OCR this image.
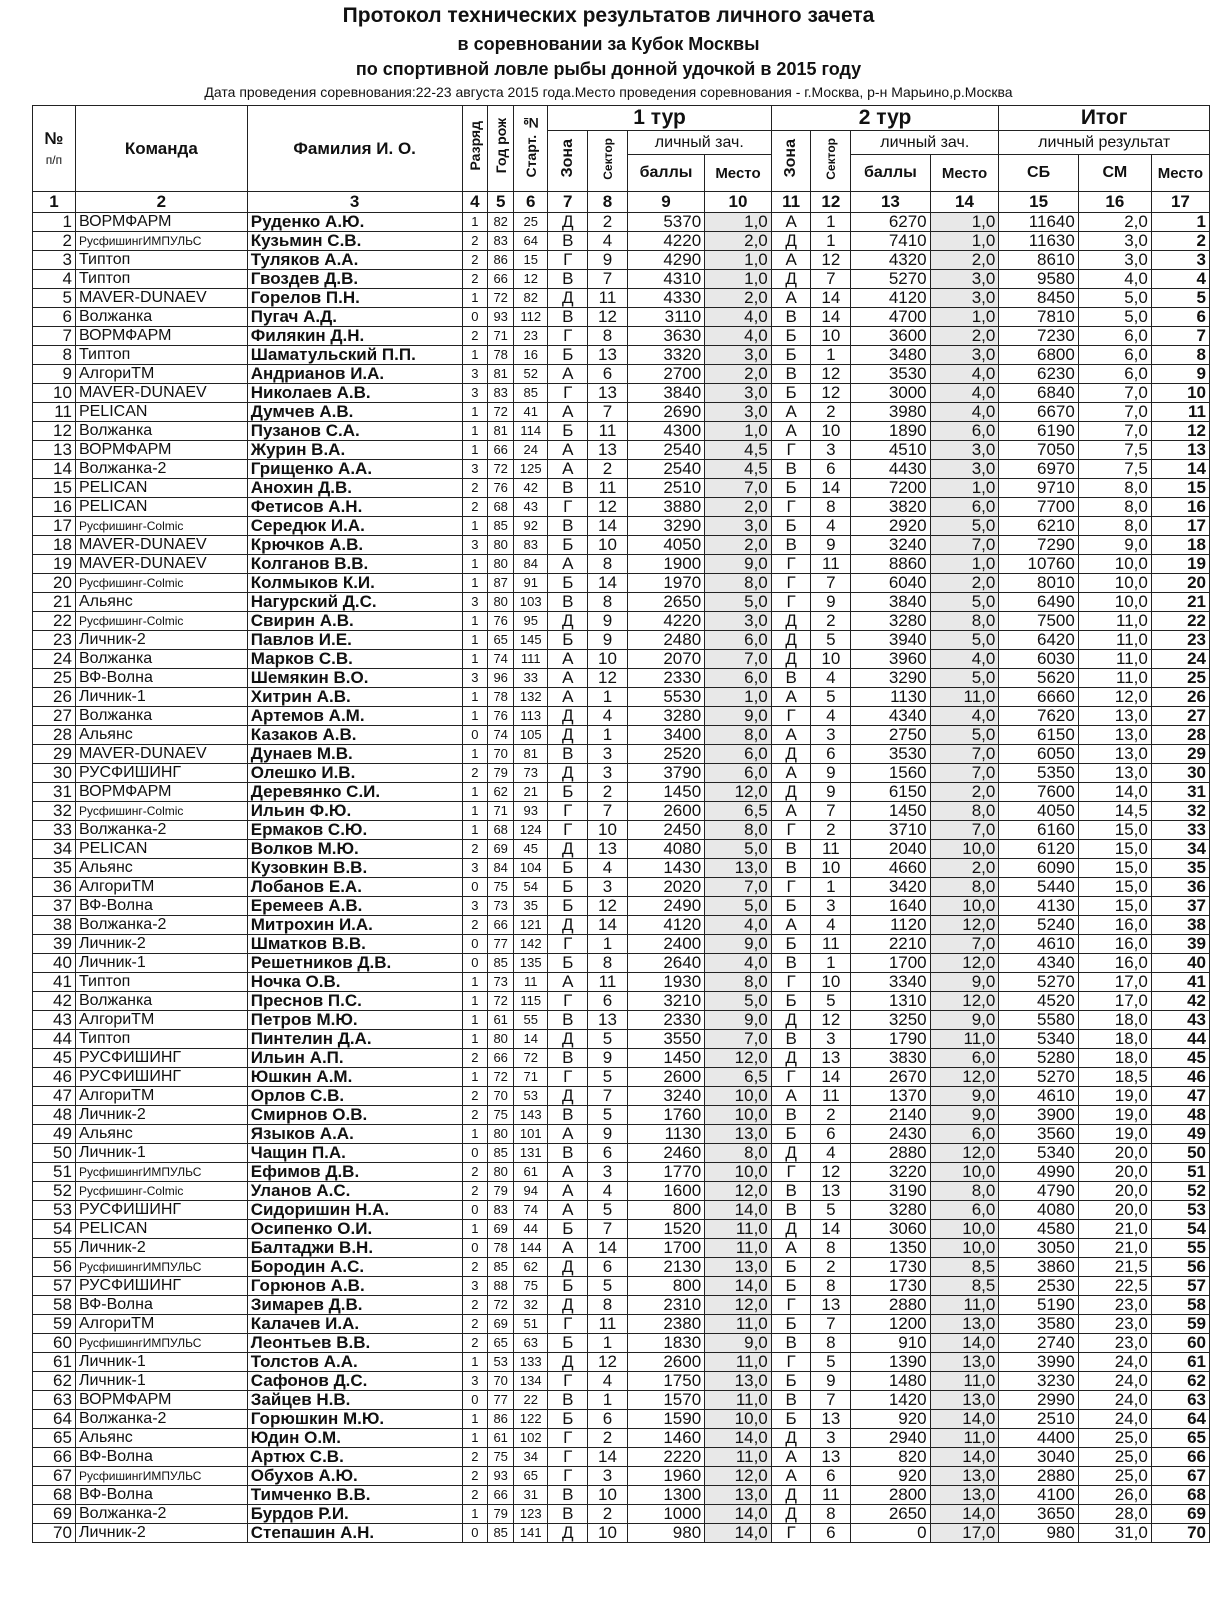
Протокол технических результатов личного зачета
в соревновании за Кубок Москвы
по спортивной ловле рыбы донной удочкой в 2015 году
Дата проведения соревнования:22-23 августа 2015 года.Место проведения соревнования - г.Москва, р-н Марьино,р.Москва
№
п/п	Команда	Фамилия И. О.	Разряд	Год рож	Старт. №	1 тур				2 тур				Итог		
						Зона	Сектор	личный зач.		Зона	Сектор	личный зач.		личный результат		
								баллы	Место			баллы	Место	СБ	СМ	Место
1	2	3	4	5	6	7	8	9	10	11	12	13	14	15	16	17
1	ВОРМФАРМ	Руденко А.Ю.	1	82	25	Д	2	5370	1,0	А	1	6270	1,0	11640	2,0	1
2	РусфишингИМПУЛЬС	Кузьмин С.В.	2	83	64	В	4	4220	2,0	Д	1	7410	1,0	11630	3,0	2
3	Типтоп	Туляков А.А.	2	86	15	Г	9	4290	1,0	А	12	4320	2,0	8610	3,0	3
4	Типтоп	Гвоздев Д.В.	2	66	12	В	7	4310	1,0	Д	7	5270	3,0	9580	4,0	4
5	MAVER-DUNAEV	Горелов П.Н.	1	72	82	Д	11	4330	2,0	А	14	4120	3,0	8450	5,0	5
6	Волжанка	Пугач А.Д.	0	93	112	В	12	3110	4,0	В	14	4700	1,0	7810	5,0	6
7	ВОРМФАРМ	Филякин Д.Н.	2	71	23	Г	8	3630	4,0	Б	10	3600	2,0	7230	6,0	7
8	Типтоп	Шаматульский П.П.	1	78	16	Б	13	3320	3,0	Б	1	3480	3,0	6800	6,0	8
9	АлгориТМ	Андрианов И.А.	3	81	52	А	6	2700	2,0	В	12	3530	4,0	6230	6,0	9
10	MAVER-DUNAEV	Николаев А.В.	3	83	85	Г	13	3840	3,0	Б	12	3000	4,0	6840	7,0	10
11	PELICAN	Думчев А.В.	1	72	41	А	7	2690	3,0	А	2	3980	4,0	6670	7,0	11
12	Волжанка	Пузанов С.А.	1	81	114	Б	11	4300	1,0	А	10	1890	6,0	6190	7,0	12
13	ВОРМФАРМ	Журин В.А.	1	66	24	А	13	2540	4,5	Г	3	4510	3,0	7050	7,5	13
14	Волжанка-2	Грищенко А.А.	3	72	125	А	2	2540	4,5	В	6	4430	3,0	6970	7,5	14
15	PELICAN	Анохин Д.В.	2	76	42	В	11	2510	7,0	Б	14	7200	1,0	9710	8,0	15
16	PELICAN	Фетисов А.Н.	2	68	43	Г	12	3880	2,0	Г	8	3820	6,0	7700	8,0	16
17	Русфишинг-Colmic	Середюк И.А.	1	85	92	В	14	3290	3,0	Б	4	2920	5,0	6210	8,0	17
18	MAVER-DUNAEV	Крючков А.В.	3	80	83	Б	10	4050	2,0	В	9	3240	7,0	7290	9,0	18
19	MAVER-DUNAEV	Колганов В.В.	1	80	84	А	8	1900	9,0	Г	11	8860	1,0	10760	10,0	19
20	Русфишинг-Colmic	Колмыков К.И.	1	87	91	Б	14	1970	8,0	Г	7	6040	2,0	8010	10,0	20
21	Альянс	Нагурский Д.С.	3	80	103	В	8	2650	5,0	Г	9	3840	5,0	6490	10,0	21
22	Русфишинг-Colmic	Свирин А.В.	1	76	95	Д	9	4220	3,0	Д	2	3280	8,0	7500	11,0	22
23	Личник-2	Павлов И.Е.	1	65	145	Б	9	2480	6,0	Д	5	3940	5,0	6420	11,0	23
24	Волжанка	Марков С.В.	1	74	111	А	10	2070	7,0	Д	10	3960	4,0	6030	11,0	24
25	ВФ-Волна	Шемякин В.О.	3	96	33	А	12	2330	6,0	В	4	3290	5,0	5620	11,0	25
26	Личник-1	Хитрин А.В.	1	78	132	А	1	5530	1,0	А	5	1130	11,0	6660	12,0	26
27	Волжанка	Артемов А.М.	1	76	113	Д	4	3280	9,0	Г	4	4340	4,0	7620	13,0	27
28	Альянс	Казаков А.В.	0	74	105	Д	1	3400	8,0	А	3	2750	5,0	6150	13,0	28
29	MAVER-DUNAEV	Дунаев М.В.	1	70	81	В	3	2520	6,0	Д	6	3530	7,0	6050	13,0	29
30	РУСФИШИНГ	Олешко И.В.	2	79	73	Д	3	3790	6,0	А	9	1560	7,0	5350	13,0	30
31	ВОРМФАРМ	Деревянко С.И.	1	62	21	Б	2	1450	12,0	Д	9	6150	2,0	7600	14,0	31
32	Русфишинг-Colmic	Ильин Ф.Ю.	1	71	93	Г	7	2600	6,5	А	7	1450	8,0	4050	14,5	32
33	Волжанка-2	Ермаков С.Ю.	1	68	124	Г	10	2450	8,0	Г	2	3710	7,0	6160	15,0	33
34	PELICAN	Волков М.Ю.	2	69	45	Д	13	4080	5,0	В	11	2040	10,0	6120	15,0	34
35	Альянс	Кузовкин В.В.	3	84	104	Б	4	1430	13,0	В	10	4660	2,0	6090	15,0	35
36	АлгориТМ	Лобанов Е.А.	0	75	54	Б	3	2020	7,0	Г	1	3420	8,0	5440	15,0	36
37	ВФ-Волна	Еремеев А.В.	3	73	35	Б	12	2490	5,0	Б	3	1640	10,0	4130	15,0	37
38	Волжанка-2	Митрохин И.А.	2	66	121	Д	14	4120	4,0	А	4	1120	12,0	5240	16,0	38
39	Личник-2	Шматков В.В.	0	77	142	Г	1	2400	9,0	Б	11	2210	7,0	4610	16,0	39
40	Личник-1	Решетников Д.В.	0	85	135	Б	8	2640	4,0	В	1	1700	12,0	4340	16,0	40
41	Типтоп	Ночка О.В.	1	73	11	А	11	1930	8,0	Г	10	3340	9,0	5270	17,0	41
42	Волжанка	Преснов П.С.	1	72	115	Г	6	3210	5,0	Б	5	1310	12,0	4520	17,0	42
43	АлгориТМ	Петров М.Ю.	1	61	55	В	13	2330	9,0	Д	12	3250	9,0	5580	18,0	43
44	Типтоп	Пинтелин Д.А.	1	80	14	Д	5	3550	7,0	В	3	1790	11,0	5340	18,0	44
45	РУСФИШИНГ	Ильин А.П.	2	66	72	В	9	1450	12,0	Д	13	3830	6,0	5280	18,0	45
46	РУСФИШИНГ	Юшкин А.М.	1	72	71	Г	5	2600	6,5	Г	14	2670	12,0	5270	18,5	46
47	АлгориТМ	Орлов С.В.	2	70	53	Д	7	3240	10,0	А	11	1370	9,0	4610	19,0	47
48	Личник-2	Смирнов О.В.	2	75	143	В	5	1760	10,0	В	2	2140	9,0	3900	19,0	48
49	Альянс	Языков А.А.	1	80	101	А	9	1130	13,0	Б	6	2430	6,0	3560	19,0	49
50	Личник-1	Чащин П.А.	0	85	131	В	6	2460	8,0	Д	4	2880	12,0	5340	20,0	50
51	РусфишингИМПУЛЬС	Ефимов Д.В.	2	80	61	А	3	1770	10,0	Г	12	3220	10,0	4990	20,0	51
52	Русфишинг-Colmic	Уланов А.С.	2	79	94	А	4	1600	12,0	В	13	3190	8,0	4790	20,0	52
53	РУСФИШИНГ	Сидоришин Н.А.	0	83	74	А	5	800	14,0	В	5	3280	6,0	4080	20,0	53
54	PELICAN	Осипенко О.И.	1	69	44	Б	7	1520	11,0	Д	14	3060	10,0	4580	21,0	54
55	Личник-2	Балтаджи В.Н.	0	78	144	А	14	1700	11,0	А	8	1350	10,0	3050	21,0	55
56	РусфишингИМПУЛЬС	Бородин А.С.	2	85	62	Д	6	2130	13,0	Б	2	1730	8,5	3860	21,5	56
57	РУСФИШИНГ	Горюнов А.В.	3	88	75	Б	5	800	14,0	Б	8	1730	8,5	2530	22,5	57
58	ВФ-Волна	Зимарев Д.В.	2	72	32	Д	8	2310	12,0	Г	13	2880	11,0	5190	23,0	58
59	АлгориТМ	Калачев И.А.	2	69	51	Г	11	2380	11,0	Б	7	1200	13,0	3580	23,0	59
60	РусфишингИМПУЛЬС	Леонтьев В.В.	2	65	63	Б	1	1830	9,0	В	8	910	14,0	2740	23,0	60
61	Личник-1	Толстов А.А.	1	53	133	Д	12	2600	11,0	Г	5	1390	13,0	3990	24,0	61
62	Личник-1	Сафонов Д.С.	3	70	134	Г	4	1750	13,0	Б	9	1480	11,0	3230	24,0	62
63	ВОРМФАРМ	Зайцев Н.В.	0	77	22	В	1	1570	11,0	В	7	1420	13,0	2990	24,0	63
64	Волжанка-2	Горюшкин М.Ю.	1	86	122	Б	6	1590	10,0	Б	13	920	14,0	2510	24,0	64
65	Альянс	Юдин О.М.	1	61	102	Г	2	1460	14,0	Д	3	2940	11,0	4400	25,0	65
66	ВФ-Волна	Артюх С.В.	2	75	34	Г	14	2220	11,0	А	13	820	14,0	3040	25,0	66
67	РусфишингИМПУЛЬС	Обухов А.Ю.	2	93	65	Г	3	1960	12,0	А	6	920	13,0	2880	25,0	67
68	ВФ-Волна	Тимченко В.В.	2	66	31	В	10	1300	13,0	Д	11	2800	13,0	4100	26,0	68
69	Волжанка-2	Бурдов Р.И.	1	79	123	В	2	1000	14,0	Д	8	2650	14,0	3650	28,0	69
70	Личник-2	Степашин А.Н.	0	85	141	Д	10	980	14,0	Г	6	0	17,0	980	31,0	70
